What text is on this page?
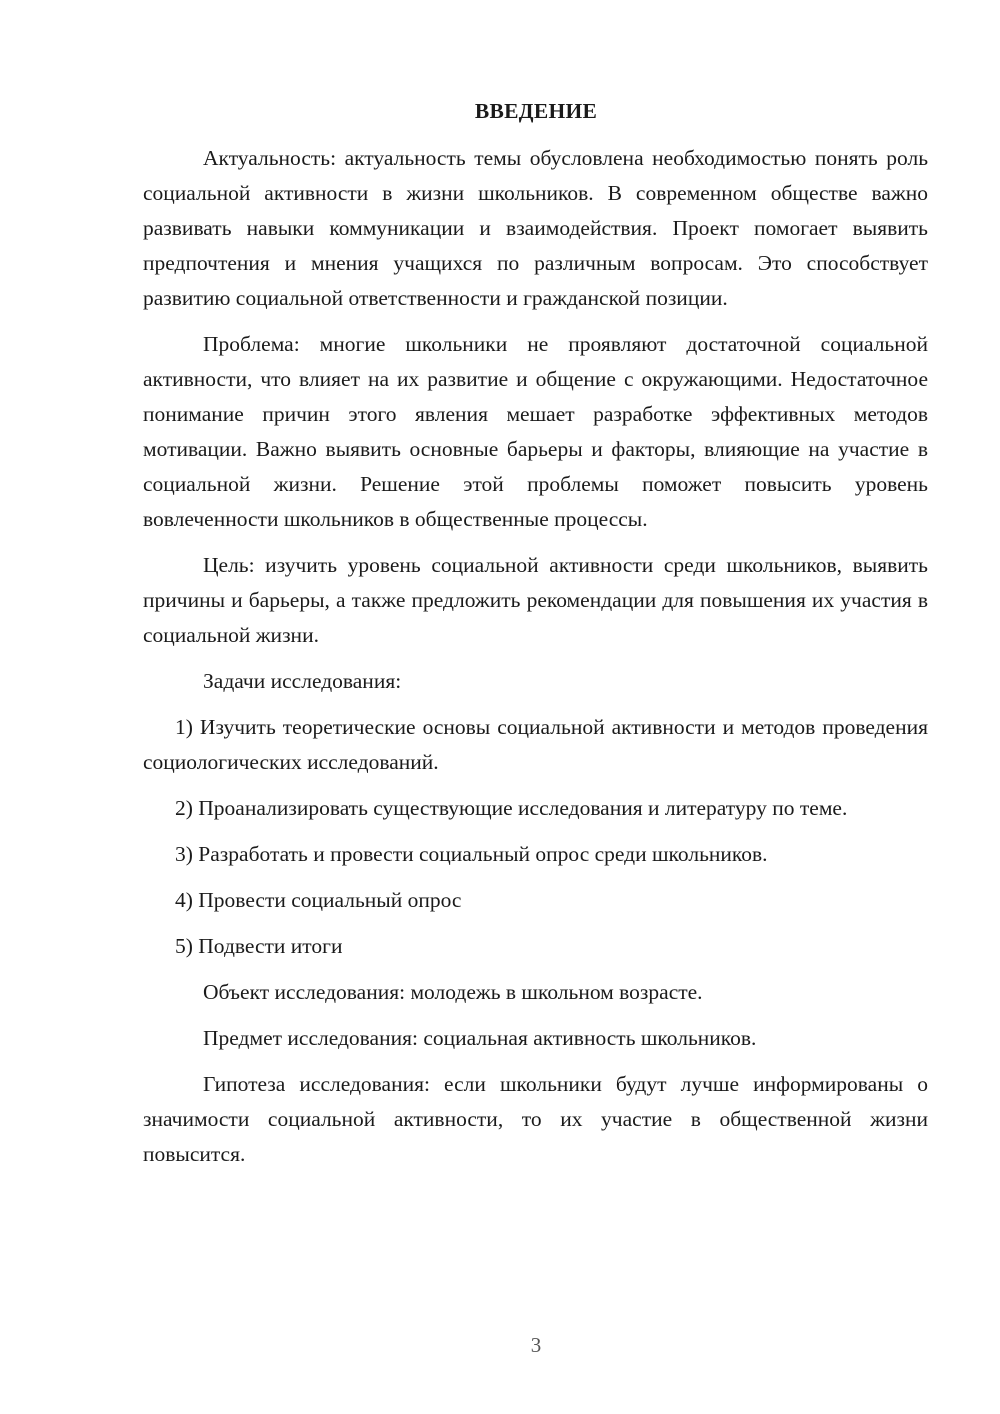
ВВЕДЕНИЕ

Актуальность: актуальность темы обусловлена необходимостью понять роль социальной активности в жизни школьников. В современном обществе важно развивать навыки коммуникации и взаимодействия. Проект помогает выявить предпочтения и мнения учащихся по различным вопросам. Это способствует развитию социальной ответственности и гражданской позиции.

Проблема: многие школьники не проявляют достаточной социальной активности, что влияет на их развитие и общение с окружающими. Недостаточное понимание причин этого явления мешает разработке эффективных методов мотивации. Важно выявить основные барьеры и факторы, влияющие на участие в социальной жизни. Решение этой проблемы поможет повысить уровень вовлеченности школьников в общественные процессы.

Цель: изучить уровень социальной активности среди школьников, выявить причины и барьеры, а также предложить рекомендации для повышения их участия в социальной жизни.

Задачи исследования:

1) Изучить теоретические основы социальной активности и методов проведения социологических исследований.

2) Проанализировать существующие исследования и литературу по теме.

3) Разработать и провести социальный опрос среди школьников.

4) Провести социальный опрос

5) Подвести итоги

Объект исследования: молодежь в школьном возрасте.

Предмет исследования: социальная активность школьников.

Гипотеза исследования: если школьники будут лучше информированы о значимости социальной активности, то их участие в общественной жизни повысится.

3
